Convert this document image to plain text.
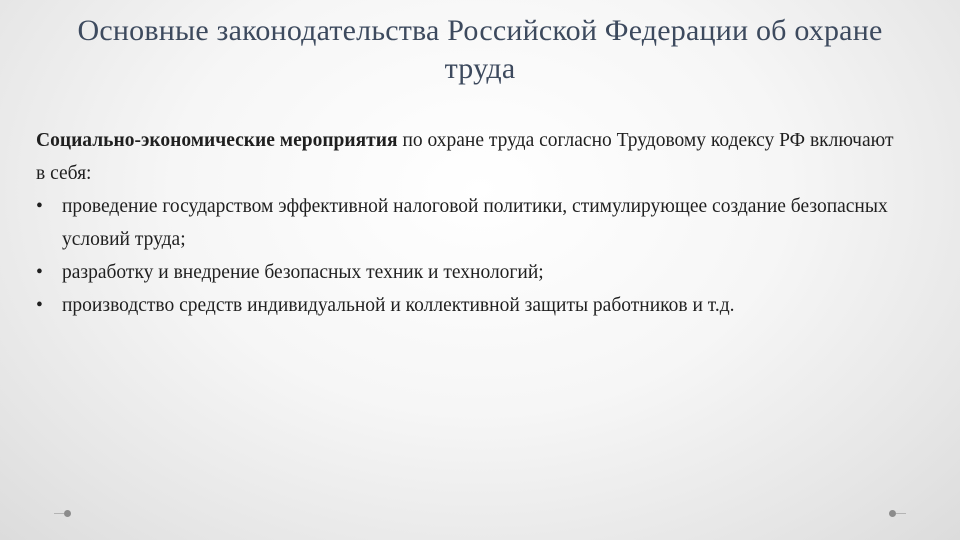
Основные законодательства Российской Федерации об охране труда

Социально-экономические мероприятия по охране труда согласно Трудовому кодексу РФ включают в себя:

• проведение государством эффективной налоговой политики, стимулирующее создание безопасных условий труда;
• разработку и внедрение безопасных техник и технологий;
• производство средств индивидуальной и коллективной защиты работников и т.д.
